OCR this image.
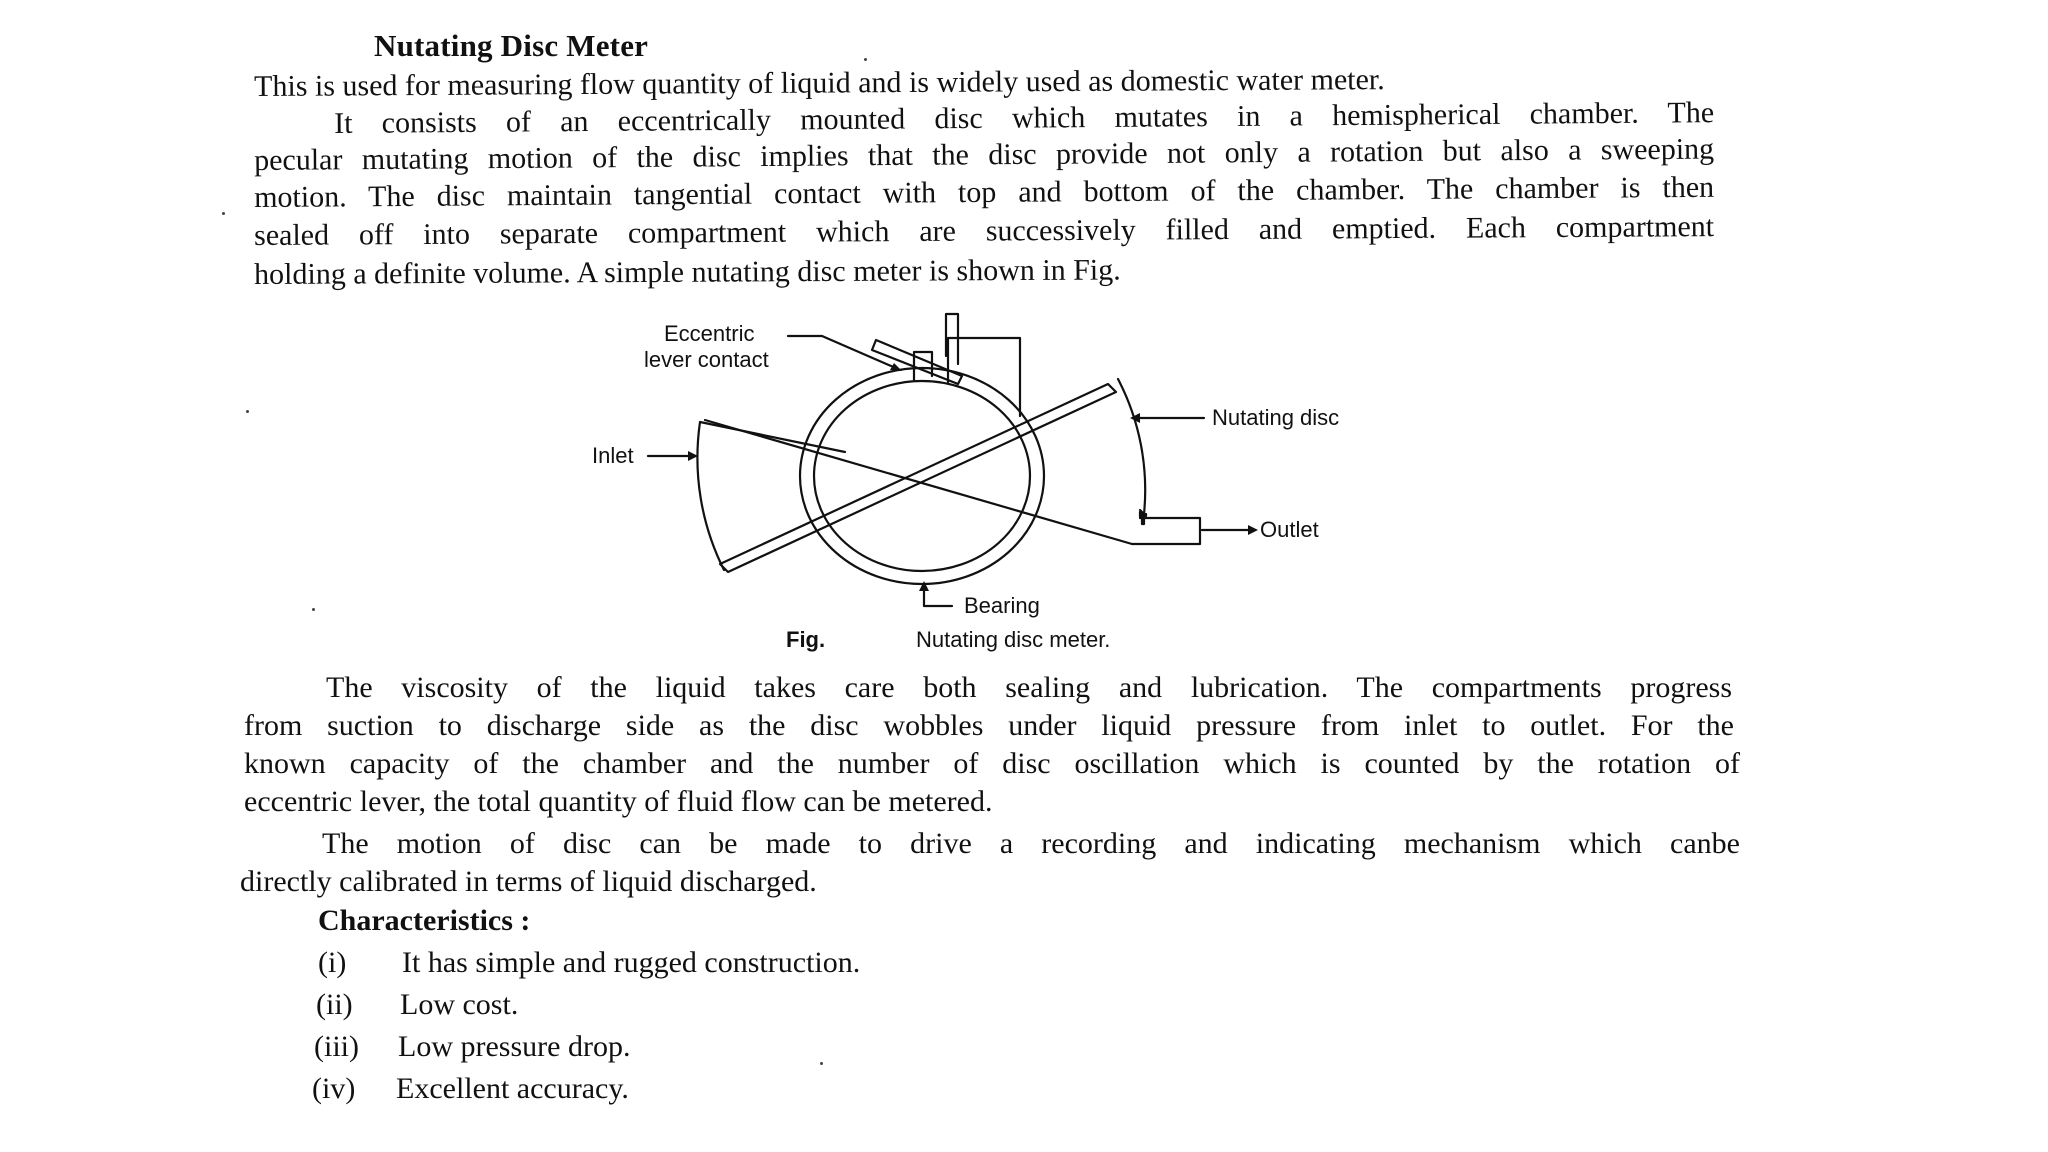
Nutating Disc Meter
This is used for measuring flow quantity of liquid and is widely used as domestic water meter.
It consists of an eccentrically mounted disc which mutates in a hemispherical chamber. The
pecular mutating motion of the disc implies that the disc provide not only a rotation but also a sweeping
motion. The disc maintain tangential contact with top and bottom of the chamber. The chamber is then
sealed off into separate compartment which are successively filled and emptied. Each compartment
holding a definite volume. A simple nutating disc meter is shown in Fig.
Eccentric
lever contact
Inlet
Nutating disc
Outlet
Bearing
Fig.	Nutating disc meter.
The viscosity of the liquid takes care both sealing and lubrication. The compartments progress
from suction to discharge side as the disc wobbles under liquid pressure from inlet to outlet. For the
known capacity of the chamber and the number of disc oscillation which is counted by the rotation of
eccentric lever, the total quantity of fluid flow can be metered.
The motion of disc can be made to drive a recording and indicating mechanism which canbe
directly calibrated in terms of liquid discharged.
Characteristics :
(i) It has simple and rugged construction.
(ii) Low cost.
(iii) Low pressure drop.
(iv) Excellent accuracy.
